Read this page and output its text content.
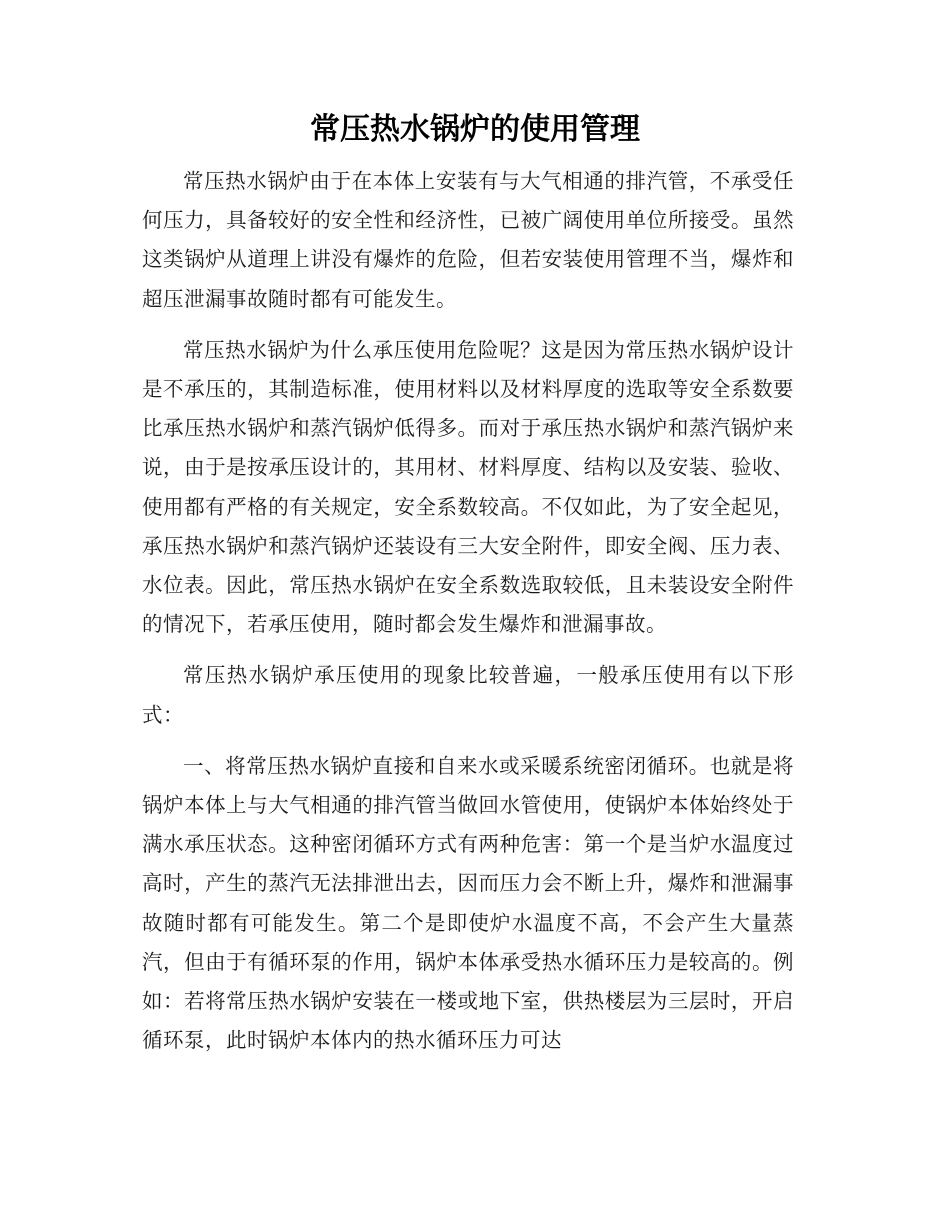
常压热水锅炉的使用管理

常压热水锅炉由于在本体上安装有与大气相通的排汽管，不承受任何压力，具备较好的安全性和经济性，已被广阔使用单位所接受。虽然这类锅炉从道理上讲没有爆炸的危险，但若安装使用管理不当，爆炸和超压泄漏事故随时都有可能发生。

常压热水锅炉为什么承压使用危险呢？这是因为常压热水锅炉设计是不承压的，其制造标准，使用材料以及材料厚度的选取等安全系数要比承压热水锅炉和蒸汽锅炉低得多。而对于承压热水锅炉和蒸汽锅炉来说，由于是按承压设计的，其用材、材料厚度、结构以及安装、验收、使用都有严格的有关规定，安全系数较高。不仅如此，为了安全起见，承压热水锅炉和蒸汽锅炉还装设有三大安全附件，即安全阀、压力表、水位表。因此，常压热水锅炉在安全系数选取较低，且未装设安全附件的情况下，若承压使用，随时都会发生爆炸和泄漏事故。

常压热水锅炉承压使用的现象比较普遍，一般承压使用有以下形式：

一、将常压热水锅炉直接和自来水或采暖系统密闭循环。也就是将锅炉本体上与大气相通的排汽管当做回水管使用，使锅炉本体始终处于满水承压状态。这种密闭循环方式有两种危害：第一个是当炉水温度过高时，产生的蒸汽无法排泄出去，因而压力会不断上升，爆炸和泄漏事故随时都有可能发生。第二个是即使炉水温度不高，不会产生大量蒸汽，但由于有循环泵的作用，锅炉本体承受热水循环压力是较高的。例如：若将常压热水锅炉安装在一楼或地下室，供热楼层为三层时，开启循环泵，此时锅炉本体内的热水循环压力可达
